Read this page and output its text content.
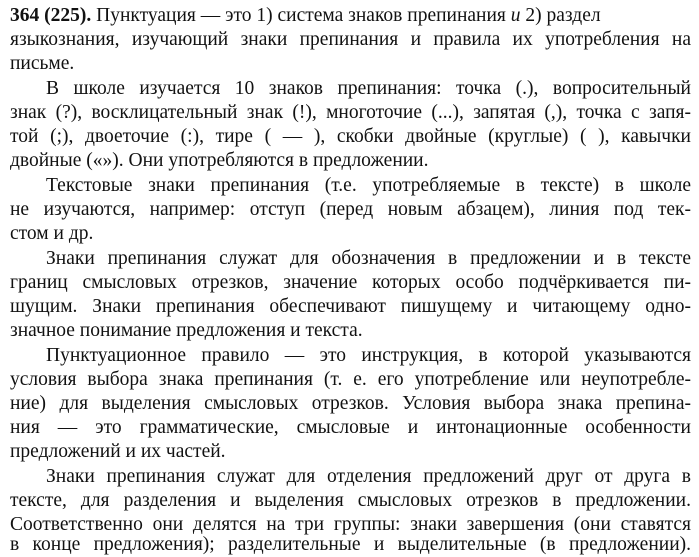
364 (225). Пунктуация — это 1) система знаков препинания и 2) раздел
языкознания, изучающий знаки препинания и правила их употребления на
письме.
В школе изучается 10 знаков препинания: точка (.), вопросительный
знак (?), восклицательный знак (!), многоточие (...), запятая (,), точка с запя-
той (;), двоеточие (:), тире ( — ), скобки двойные (круглые) ( ), кавычки
двойные («»). Они употребляются в предложении.
Текстовые знаки препинания (т.е. употребляемые в тексте) в школе
не изучаются, например: отступ (перед новым абзацем), линия под тек-
стом и др.
Знаки препинания служат для обозначения в предложении и в тексте
границ смысловых отрезков, значение которых особо подчёркивается пи-
шущим. Знаки препинания обеспечивают пишущему и читающему одно-
значное понимание предложения и текста.
Пунктуационное правило — это инструкция, в которой указываются
условия выбора знака препинания (т. е. его употребление или неупотребле-
ние) для выделения смысловых отрезков. Условия выбора знака препина-
ния — это грамматические, смысловые и интонационные особенности
предложений и их частей.
Знаки препинания служат для отделения предложений друг от друга в
тексте, для разделения и выделения смысловых отрезков в предложении.
Соответственно они делятся на три группы: знаки завершения (они ставятся
в конце предложения); разделительные и выделительные (в предложении).
